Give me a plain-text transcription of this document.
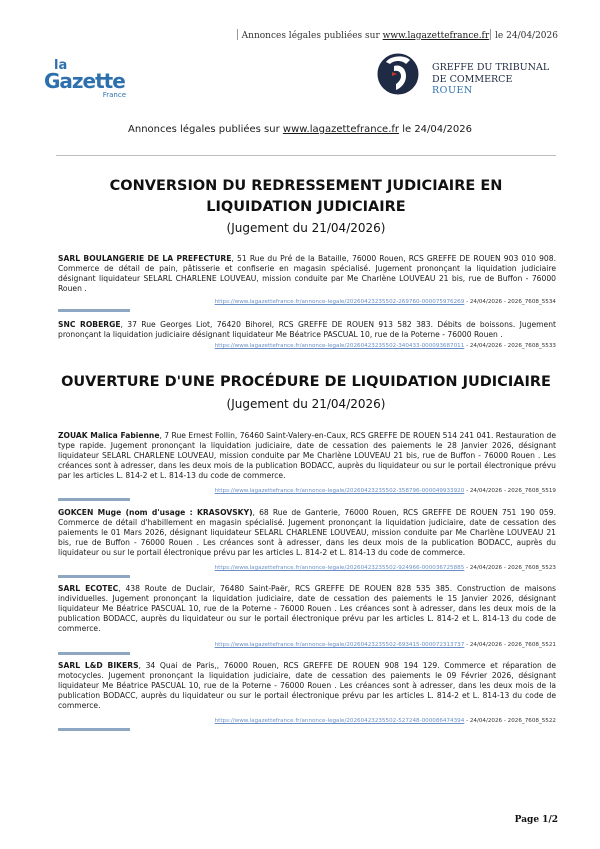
Annonces légales publiées sur www.lagazettefrance.fr le 24/04/2026
la
Gazette
France
GREFFE DU TRIBUNAL
DE COMMERCE
ROUEN
Annonces légales publiées sur www.lagazettefrance.fr le 24/04/2026
CONVERSION DU REDRESSEMENT JUDICIAIRE EN
LIQUIDATION JUDICIAIRE
(Jugement du 21/04/2026)
SARL BOULANGERIE DE LA PREFECTURE, 51 Rue du Pré de la Bataille, 76000 Rouen, RCS GREFFE DE ROUEN 903 010 908. Commerce de détail de pain, pâtisserie et confiserie en magasin spécialisé. Jugement prononçant la liquidation judiciaire désignant liquidateur SELARL CHARLENE LOUVEAU, mission conduite par Me Charlène LOUVEAU 21 bis, rue de Buffon - 76000 Rouen .
https://www.lagazettefrance.fr/annonce-legale/20260423235502-269760-000075976269 - 24/04/2026 - 2026_7608_5534
SNC ROBERGE, 37 Rue Georges Liot, 76420 Bihorel, RCS GREFFE DE ROUEN 913 582 383. Débits de boissons. Jugement prononçant la liquidation judiciaire désignant liquidateur Me Béatrice PASCUAL 10, rue de la Poterne - 76000 Rouen .
https://www.lagazettefrance.fr/annonce-legale/20260423235502-340433-000093687011 - 24/04/2026 - 2026_7608_5533
OUVERTURE D'UNE PROCÉDURE DE LIQUIDATION JUDICIAIRE
(Jugement du 21/04/2026)
ZOUAK Malica Fabienne, 7 Rue Ernest Follin, 76460 Saint-Valery-en-Caux, RCS GREFFE DE ROUEN 514 241 041. Restauration de type rapide. Jugement prononçant la liquidation judiciaire, date de cessation des paiements le 28 Janvier 2026, désignant liquidateur SELARL CHARLENE LOUVEAU, mission conduite par Me Charlène LOUVEAU 21 bis, rue de Buffon - 76000 Rouen . Les créances sont à adresser, dans les deux mois de la publication BODACC, auprès du liquidateur ou sur le portail électronique prévu par les articles L. 814-2 et L. 814-13 du code de commerce.
https://www.lagazettefrance.fr/annonce-legale/20260423235502-358796-000049933920 - 24/04/2026 - 2026_7608_5519
GOKCEN Muge (nom d'usage : KRASOVSKY), 68 Rue de Ganterie, 76000 Rouen, RCS GREFFE DE ROUEN 751 190 059. Commerce de détail d'habillement en magasin spécialisé. Jugement prononçant la liquidation judiciaire, date de cessation des paiements le 01 Mars 2026, désignant liquidateur SELARL CHARLENE LOUVEAU, mission conduite par Me Charlène LOUVEAU 21 bis, rue de Buffon - 76000 Rouen . Les créances sont à adresser, dans les deux mois de la publication BODACC, auprès du liquidateur ou sur le portail électronique prévu par les articles L. 814-2 et L. 814-13 du code de commerce.
https://www.lagazettefrance.fr/annonce-legale/20260423235502-924966-000036725885 - 24/04/2026 - 2026_7608_5523
SARL ECOTEC, 438 Route de Duclair, 76480 Saint-Paër, RCS GREFFE DE ROUEN 828 535 385. Construction de maisons individuelles. Jugement prononçant la liquidation judiciaire, date de cessation des paiements le 15 Janvier 2026, désignant liquidateur Me Béatrice PASCUAL 10, rue de la Poterne - 76000 Rouen . Les créances sont à adresser, dans les deux mois de la publication BODACC, auprès du liquidateur ou sur le portail électronique prévu par les articles L. 814-2 et L. 814-13 du code de commerce.
https://www.lagazettefrance.fr/annonce-legale/20260423235502-693415-000072313737 - 24/04/2026 - 2026_7608_5521
SARL L&D BIKERS, 34 Quai de Paris,, 76000 Rouen, RCS GREFFE DE ROUEN 908 194 129. Commerce et réparation de motocycles. Jugement prononçant la liquidation judiciaire, date de cessation des paiements le 09 Février 2026, désignant liquidateur Me Béatrice PASCUAL 10, rue de la Poterne - 76000 Rouen . Les créances sont à adresser, dans les deux mois de la publication BODACC, auprès du liquidateur ou sur le portail électronique prévu par les articles L. 814-2 et L. 814-13 du code de commerce.
https://www.lagazettefrance.fr/annonce-legale/20260423235502-527248-000086474394 - 24/04/2026 - 2026_7608_5522
Page 1/2
